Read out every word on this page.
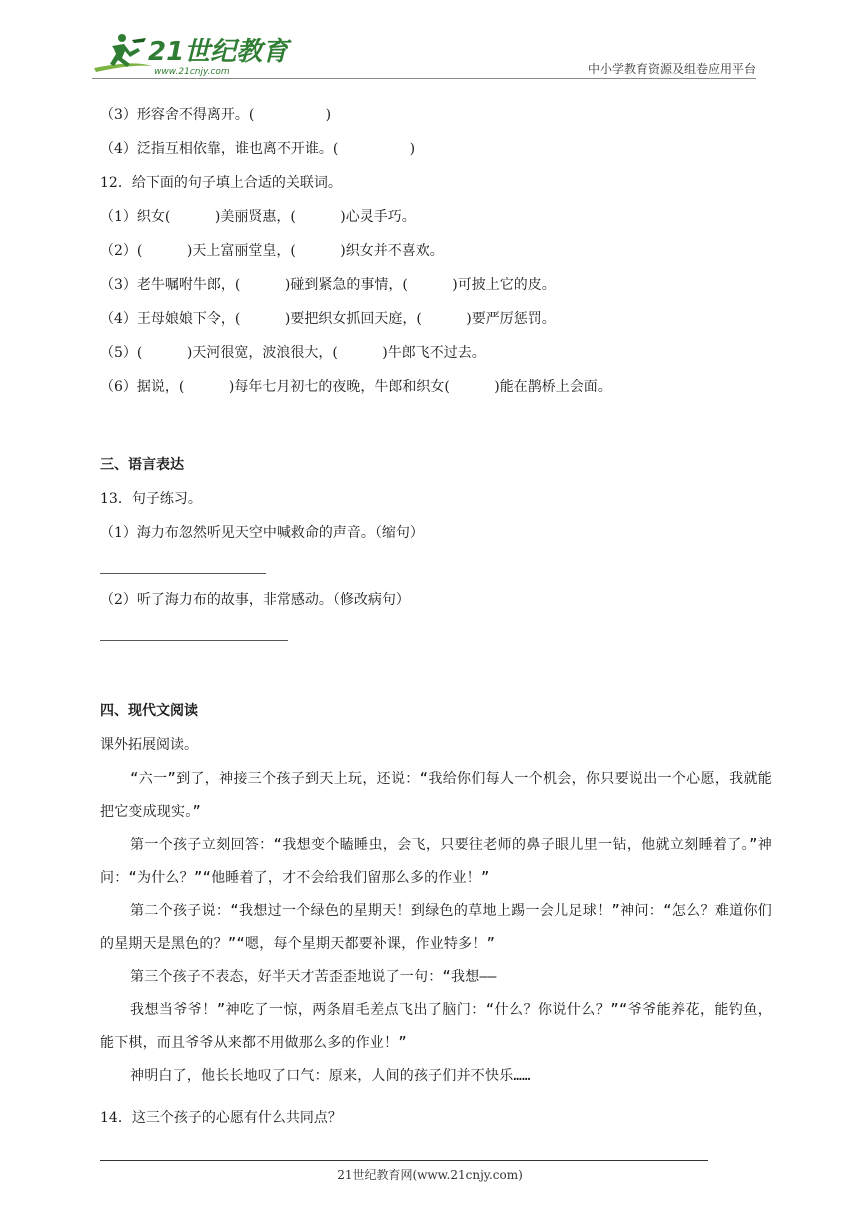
21世纪教育
www.21cnjy.com	中小学教育资源及组卷应用平台
（3）形容舍不得离开。(                )
（4）泛指互相依靠，谁也离不开谁。(                )
12．给下面的句子填上合适的关联词。
（1）织女(          )美丽贤惠，(          )心灵手巧。
（2）(          )天上富丽堂皇，(          )织女并不喜欢。
（3）老牛嘱咐牛郎，(          )碰到紧急的事情，(          )可披上它的皮。
（4）王母娘娘下令，(          )要把织女抓回天庭，(          )要严厉惩罚。
（5）(          )天河很宽，波浪很大，(          )牛郎飞不过去。
（6）据说，(          )每年七月初七的夜晚，牛郎和织女(          )能在鹊桥上会面。
三、语言表达
13．句子练习。
（1）海力布忽然听见天空中喊救命的声音。（缩句）
（2）听了海力布的故事，非常感动。（修改病句）
四、现代文阅读
课外拓展阅读。

“六一”到了，神接三个孩子到天上玩，还说：“我给你们每人一个机会，你只要说出一个心愿，我就能把它变成现实。”

第一个孩子立刻回答：“我想变个瞌睡虫，会飞，只要往老师的鼻子眼儿里一钻，他就立刻睡着了。”神问：“为什么？”“他睡着了，才不会给我们留那么多的作业！”

第二个孩子说：“我想过一个绿色的星期天！到绿色的草地上踢一会儿足球！”神问：“怎么？难道你们的星期天是黑色的？”“嗯，每个星期天都要补课，作业特多！”

第三个孩子不表态，好半天才苦歪歪地说了一句：“我想——

我想当爷爷！”神吃了一惊，两条眉毛差点飞出了脑门：“什么？你说什么？”“爷爷能养花，能钓鱼，能下棋，而且爷爷从来都不用做那么多的作业！”

神明白了，他长长地叹了口气：原来，人间的孩子们并不快乐……

14．这三个孩子的心愿有什么共同点？
21世纪教育网(www.21cnjy.com)
